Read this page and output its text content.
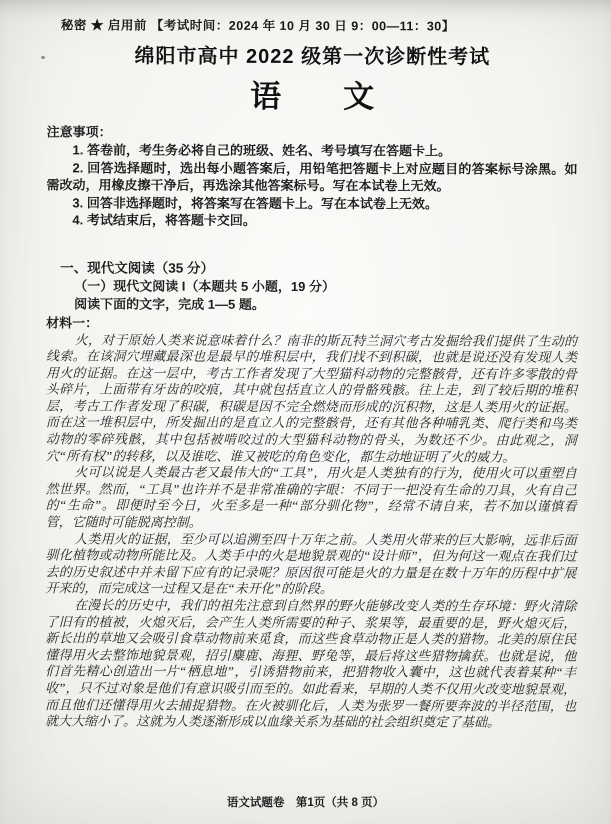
秘密 ★ 启用前 【考试时间：2024 年 10 月 30 日 9：00—11：30】
绵阳市高中 2022 级第一次诊断性考试
语　　文
注意事项：

1. 答卷前，考生务必将自己的班级、姓名、考号填写在答题卡上。

2. 回答选择题时，选出每小题答案后，用铅笔把答题卡上对应题目的答案标号涂黑。如需改动，用橡皮擦干净后，再选涂其他答案标号。写在本试卷上无效。

3. 回答非选择题时，将答案写在答题卡上。写在本试卷上无效。

4. 考试结束后，将答题卡交回。

一、现代文阅读（35 分）
（一）现代文阅读 I（本题共 5 小题，19 分）
阅读下面的文字，完成 1—5 题。
材料一：

火，对于原始人类来说意味着什么？南非的斯瓦特兰洞穴考古发掘给我们提供了生动的线索。在该洞穴埋藏最深也是最早的堆积层中，我们找不到积碳，也就是说还没有发现人类用火的证据。在这一层中，考古工作者发现了大型猫科动物的完整骸骨，还有许多零散的骨头碎片，上面带有牙齿的咬痕，其中就包括直立人的骨骼残骸。往上走，到了较后期的堆积层，考古工作者发现了积碳，积碳是因不完全燃烧而形成的沉积物，这是人类用火的证据。而在这一堆积层中，所发掘出的是直立人的完整骸骨，还有其他各种哺乳类、爬行类和鸟类动物的零碎残骸，其中包括被啃咬过的大型猫科动物的骨头，为数还不少。由此观之，洞穴“所有权”的转移，以及谁吃、谁又被吃的角色变化，都生动地证明了火的威力。

火可以说是人类最古老又最伟大的“工具”，用火是人类独有的行为，使用火可以重塑自然世界。然而，“工具”也许并不是非常准确的字眼：不同于一把没有生命的刀具，火有自己的“生命”。即便时至今日，火至多是一种“部分驯化物”，经常不请自来，若不加以谨慎看管，它随时可能脱离控制。

人类用火的证据，至少可以追溯至四十万年之前。人类用火带来的巨大影响，远非后面驯化植物或动物所能比及。人类手中的火是地貌景观的“设计师”，但为何这一观点在我们过去的历史叙述中并未留下应有的记录呢？原因很可能是火的力量是在数十万年的历程中扩展开来的，而完成这一过程又是在“未开化”的阶段。

在漫长的历史中，我们的祖先注意到自然界的野火能够改变人类的生存环境：野火清除了旧有的植被，火熄灭后，会产生人类所需要的种子、浆果等，最重要的是，野火熄灭后，新长出的草地又会吸引食草动物前来觅食，而这些食草动物正是人类的猎物。北美的原住民懂得用火去整饰地貌景观，招引麋鹿、海狸、野兔等，最后将这些猎物擒获。也就是说，他们首先精心创造出一片“栖息地”，引诱猎物前来，把猎物收入囊中，这也就代表着某种“丰收”，只不过对象是他们有意识吸引而至的。如此看来，早期的人类不仅用火改变地貌景观，而且他们还懂得用火去捕捉猎物。在火被驯化后，人类为张罗一餐所要奔波的半径范围，也就大大缩小了。这就为人类逐渐形成以血缘关系为基础的社会组织奠定了基础。

语文试题卷　第1页（共 8 页）
